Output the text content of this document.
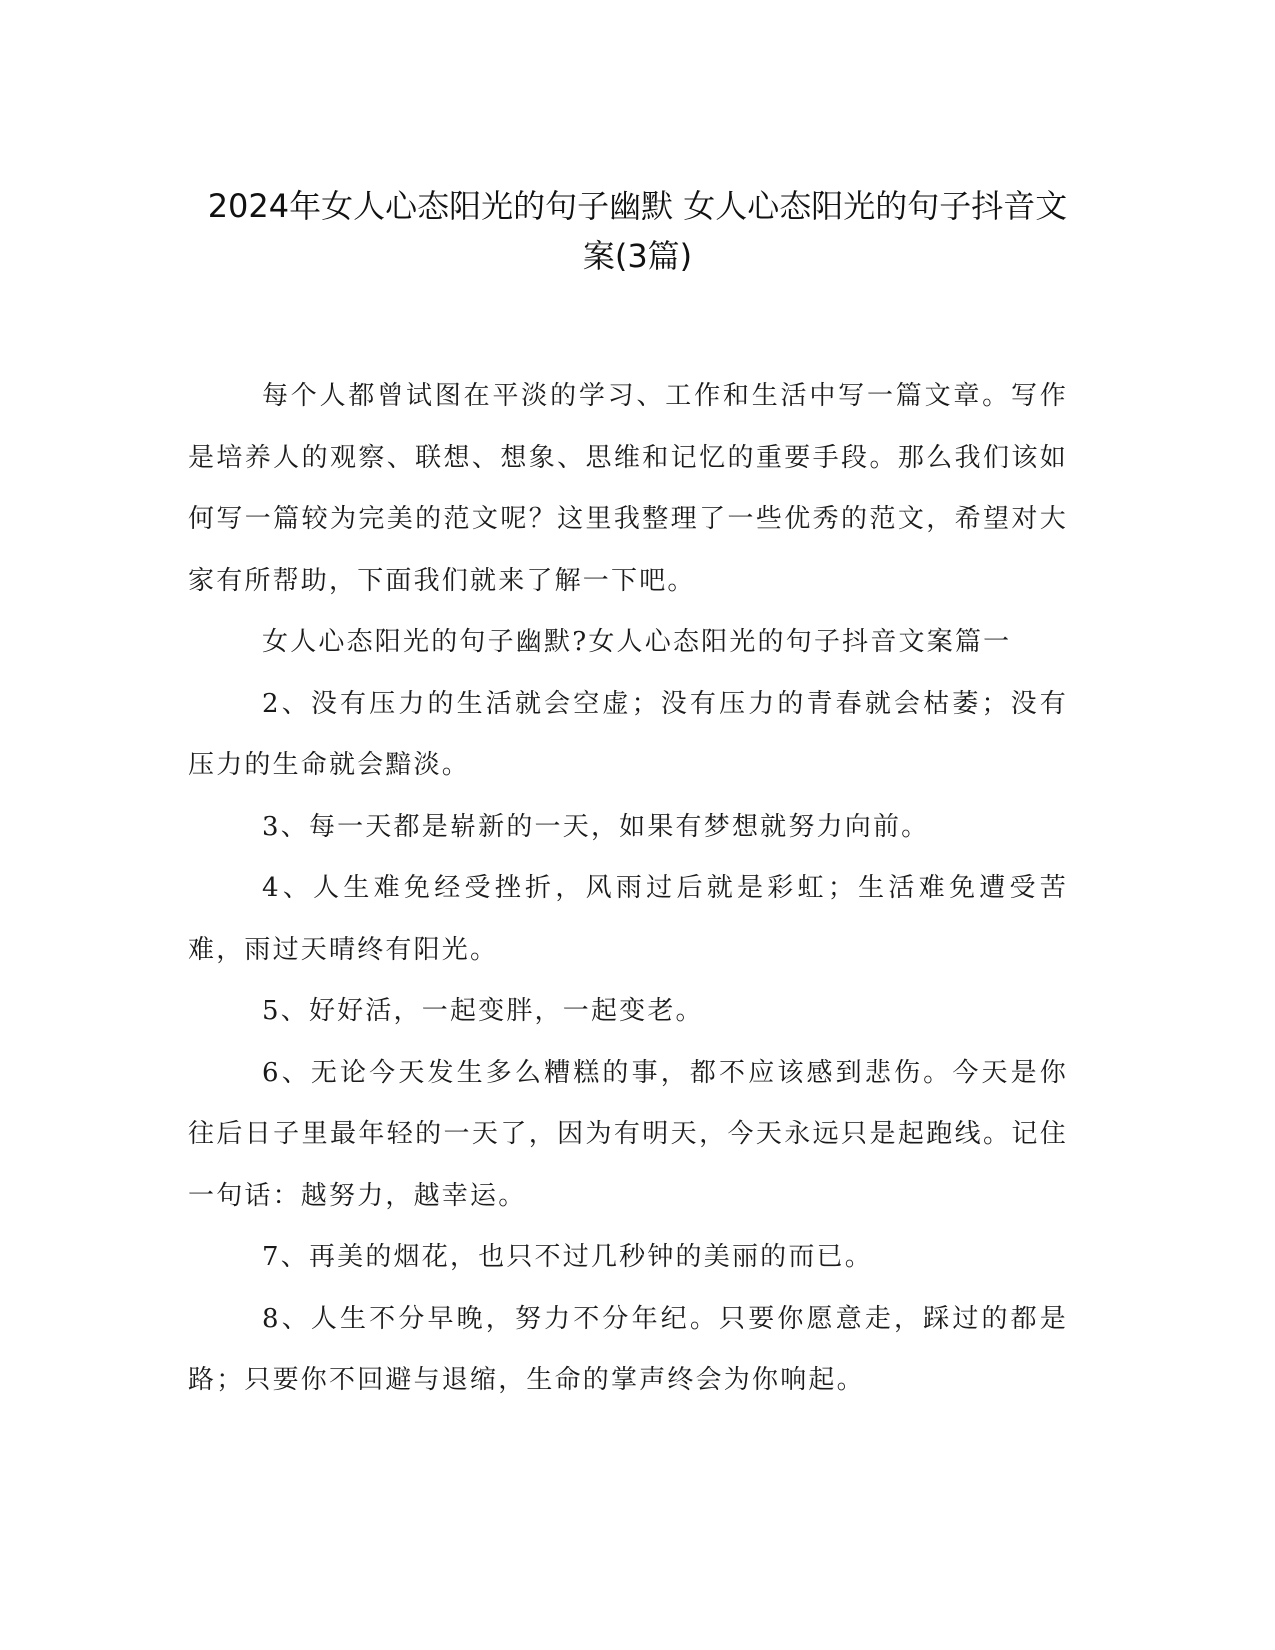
2024年女人心态阳光的句子幽默 女人心态阳光的句子抖音文
案(3篇)

每个人都曾试图在平淡的学习、工作和生活中写一篇文章。写作是培养人的观察、联想、想象、思维和记忆的重要手段。那么我们该如何写一篇较为完美的范文呢？这里我整理了一些优秀的范文，希望对大家有所帮助，下面我们就来了解一下吧。

女人心态阳光的句子幽默?女人心态阳光的句子抖音文案篇一

2、没有压力的生活就会空虚；没有压力的青春就会枯萎；没有压力的生命就会黯淡。

3、每一天都是崭新的一天，如果有梦想就努力向前。

4、人生难免经受挫折，风雨过后就是彩虹；生活难免遭受苦难，雨过天晴终有阳光。

5、好好活，一起变胖，一起变老。

6、无论今天发生多么糟糕的事，都不应该感到悲伤。今天是你往后日子里最年轻的一天了，因为有明天，今天永远只是起跑线。记住一句话：越努力，越幸运。

7、再美的烟花，也只不过几秒钟的美丽的而已。

8、人生不分早晚，努力不分年纪。只要你愿意走，踩过的都是路；只要你不回避与退缩，生命的掌声终会为你响起。
